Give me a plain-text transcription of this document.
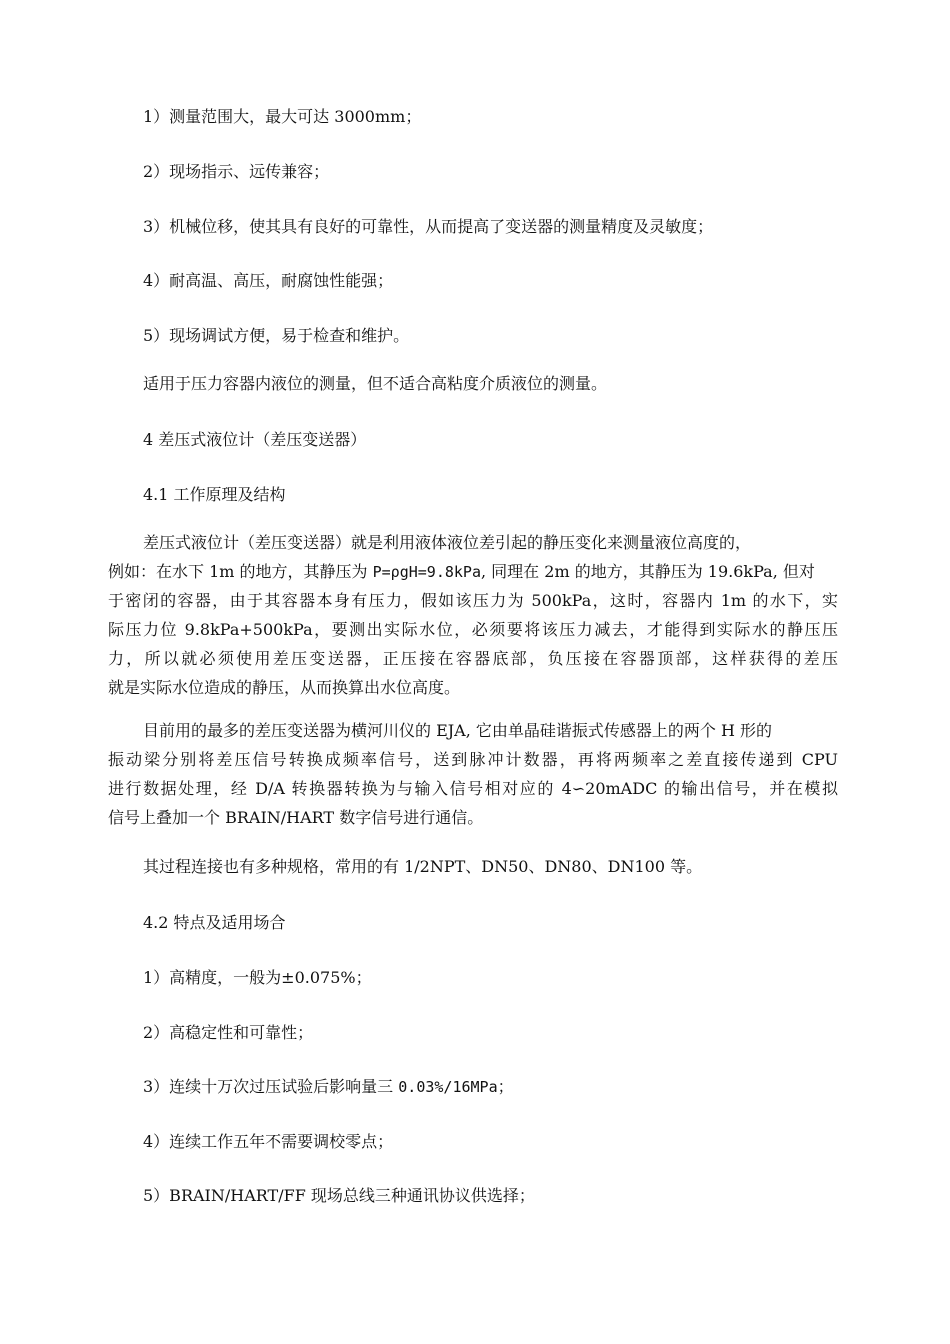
1）测量范围大，最大可达 3000mm；
2）现场指示、远传兼容；
3）机械位移，使其具有良好的可靠性，从而提高了变送器的测量精度及灵敏度；
4）耐高温、高压，耐腐蚀性能强；
5）现场调试方便，易于检查和维护。
适用于压力容器内液位的测量，但不适合高粘度介质液位的测量。
4 差压式液位计（差压变送器）
4.1 工作原理及结构
差压式液位计（差压变送器）就是利用液体液位差引起的静压变化来测量液位高度的，
例如：在水下 1m 的地方，其静压为 P=ρgH=9.8kPa, 同理在 2m 的地方，其静压为 19.6kPa, 但对
于密闭的容器，由于其容器本身有压力，假如该压力为 500kPa，这时，容器内 1m 的水下，实
际压力位 9.8kPa+500kPa，要测出实际水位，必须要将该压力减去，才能得到实际水的静压压
力，所以就必须使用差压变送器，正压接在容器底部，负压接在容器顶部，这样获得的差压
就是实际水位造成的静压，从而换算出水位高度。
目前用的最多的差压变送器为横河川仪的 EJA, 它由单晶硅谐振式传感器上的两个 H 形的
振动梁分别将差压信号转换成频率信号，送到脉冲计数器，再将两频率之差直接传递到 CPU
进行数据处理，经 D/A 转换器转换为与输入信号相对应的 4∽20mADC 的输出信号，并在模拟
信号上叠加一个 BRAIN/HART 数字信号进行通信。
其过程连接也有多种规格，常用的有 1/2NPT、DN50、DN80、DN100 等。
4.2 特点及适用场合
1）高精度，一般为±0.075%；
2）高稳定性和可靠性；
3）连续十万次过压试验后影响量三 0.03%/16MPa；
4）连续工作五年不需要调校零点；
5）BRAIN/HART/FF 现场总线三种通讯协议供选择；
